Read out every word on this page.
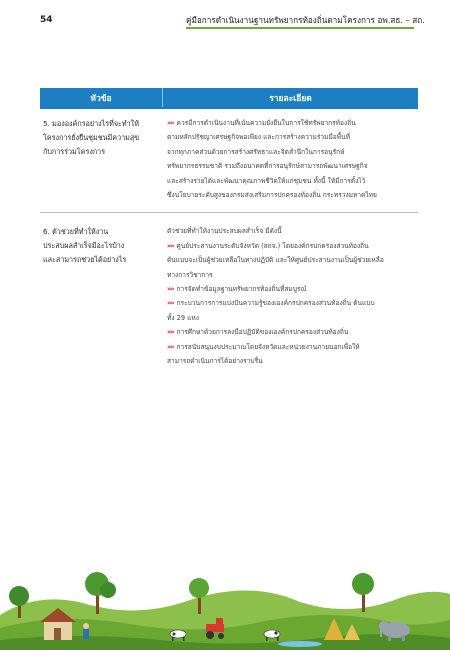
54	คู่มือการดำเนินงานฐานทรัพยากรท้องถิ่นตามโครงการ อพ.สธ. – สถ.
หัวข้อ	รายละเอียด
5. มององค์กรอย่างไรที่จะทำให้
โครงการยั่งยืนชุมชนมีความสุข
กับการร่วมโครงการ
»» ควรมีการดำเนินงานที่เน้นความยั่งยืนในการใช้ทรัพยากรท้องถิ่น
ตามหลักปรัชญาเศรษฐกิจพอเพียง และการสร้างความร่วมมือพื้นที่
จากทุกภาคส่วนด้วยการสร้างศรัทธาและจิตสำนึกในการอนุรักษ์
ทรัพยากรธรรมชาติ รวมถึงอนาคตที่การอนุรักษ์สามารถพัฒนาเศรษฐกิจ
และสร้างรายได้และพัฒนาคุณภาพชีวิตให้แก่ชุมชน ทั้งนี้ ให้มีการตั้งไว้
ซึ่งนโยบายระดับสูงของกรมส่งเสริมการปกครองท้องถิ่น กระทรวงมหาดไทย
6. ตัวช่วยที่ทำให้งาน
ประสบผลสำเร็จมีอะไรบ้าง
และสามารถช่วยได้อย่างไร
ตัวช่วยที่ทำให้งานประสบผลสำเร็จ มีดังนี้
»» ศูนย์ประสานงานระดับจังหวัด (สถจ.) โดยองค์กรปกครองส่วนท้องถิ่น
ต้นแบบจะเป็นผู้ช่วยเหลือในทางปฏิบัติ และให้ศูนย์ประสานงานเป็นผู้ช่วยเหลือ
ทางการวิชาการ
»» การจัดทำข้อมูลฐานทรัพยากรท้องถิ่นที่สมบูรณ์
»» กระบวนการการแบ่งปันความรู้ของเองค์กรปกครองส่วนท้องถิ่น ต้นแบบ
ทั้ง 29 แห่ง
»» การศึกษาด้วยการลงมือปฏิบัติของเองค์กรปกครองส่วนท้องถิ่น
»» การสนับสนุนงบประมาณโดยจังหวัดและหน่วยงานภายนอกเพื่อให้
สามารถดำเนินการได้อย่างราบรื่น
